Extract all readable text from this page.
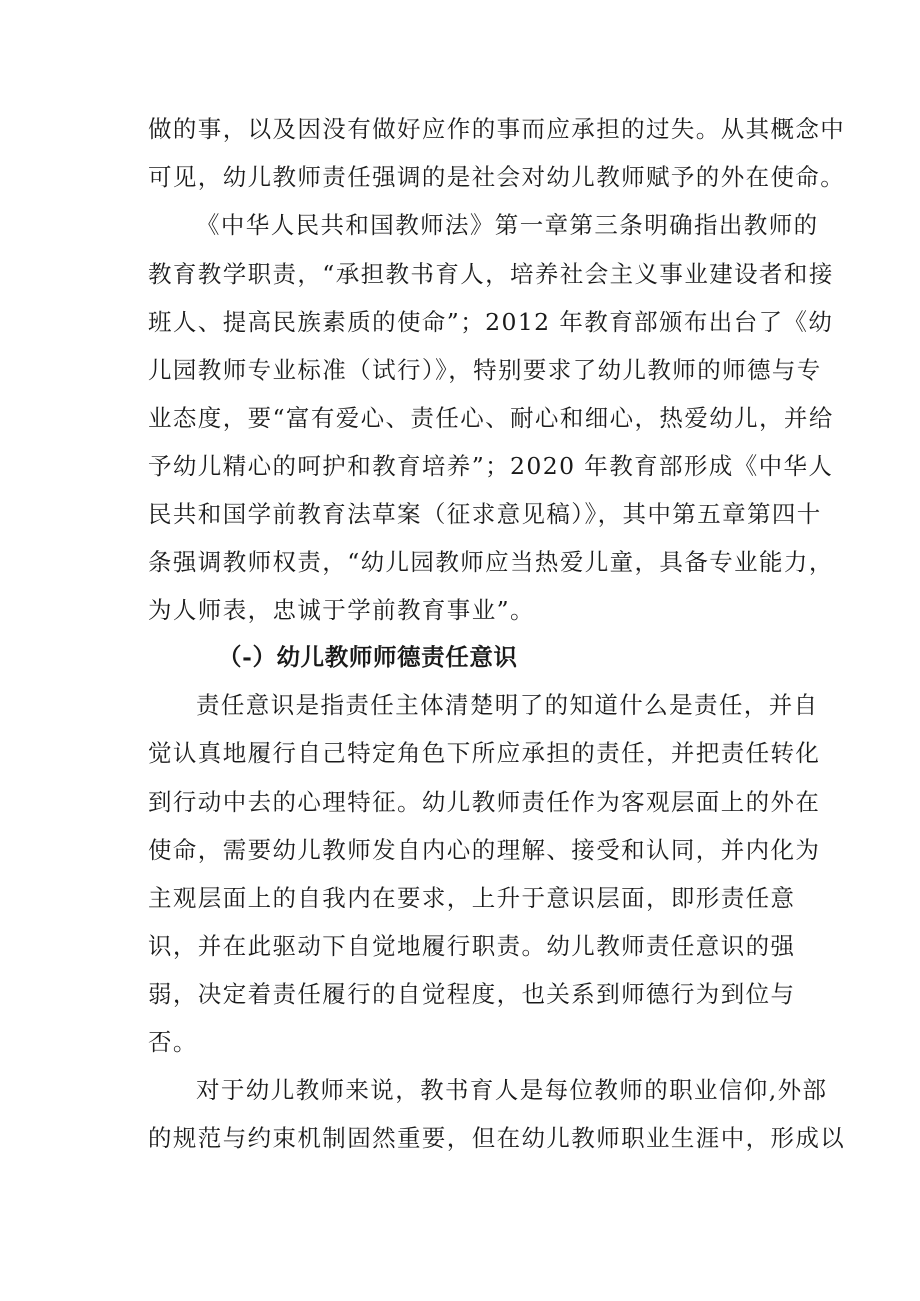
做的事，以及因没有做好应作的事而应承担的过失。从其概念中
可见，幼儿教师责任强调的是社会对幼儿教师赋予的外在使命。
《中华人民共和国教师法》第一章第三条明确指出教师的
教育教学职责，“承担教书育人，培养社会主义事业建设者和接
班人、提高民族素质的使命”；2012 年教育部颁布出台了《幼
儿园教师专业标准（试行）》，特别要求了幼儿教师的师德与专
业态度，要“富有爱心、责任心、耐心和细心，热爱幼儿，并给
予幼儿精心的呵护和教育培养”；2020 年教育部形成《中华人
民共和国学前教育法草案（征求意见稿）》，其中第五章第四十
条强调教师权责，“幼儿园教师应当热爱儿童，具备专业能力，
为人师表，忠诚于学前教育事业”。
（-）幼儿教师师德责任意识
责任意识是指责任主体清楚明了的知道什么是责任，并自
觉认真地履行自己特定角色下所应承担的责任，并把责任转化
到行动中去的心理特征。幼儿教师责任作为客观层面上的外在
使命，需要幼儿教师发自内心的理解、接受和认同，并内化为
主观层面上的自我内在要求，上升于意识层面，即形责任意
识，并在此驱动下自觉地履行职责。幼儿教师责任意识的强
弱，决定着责任履行的自觉程度，也关系到师德行为到位与
否。
对于幼儿教师来说，教书育人是每位教师的职业信仰,外部
的规范与约束机制固然重要，但在幼儿教师职业生涯中，形成以
